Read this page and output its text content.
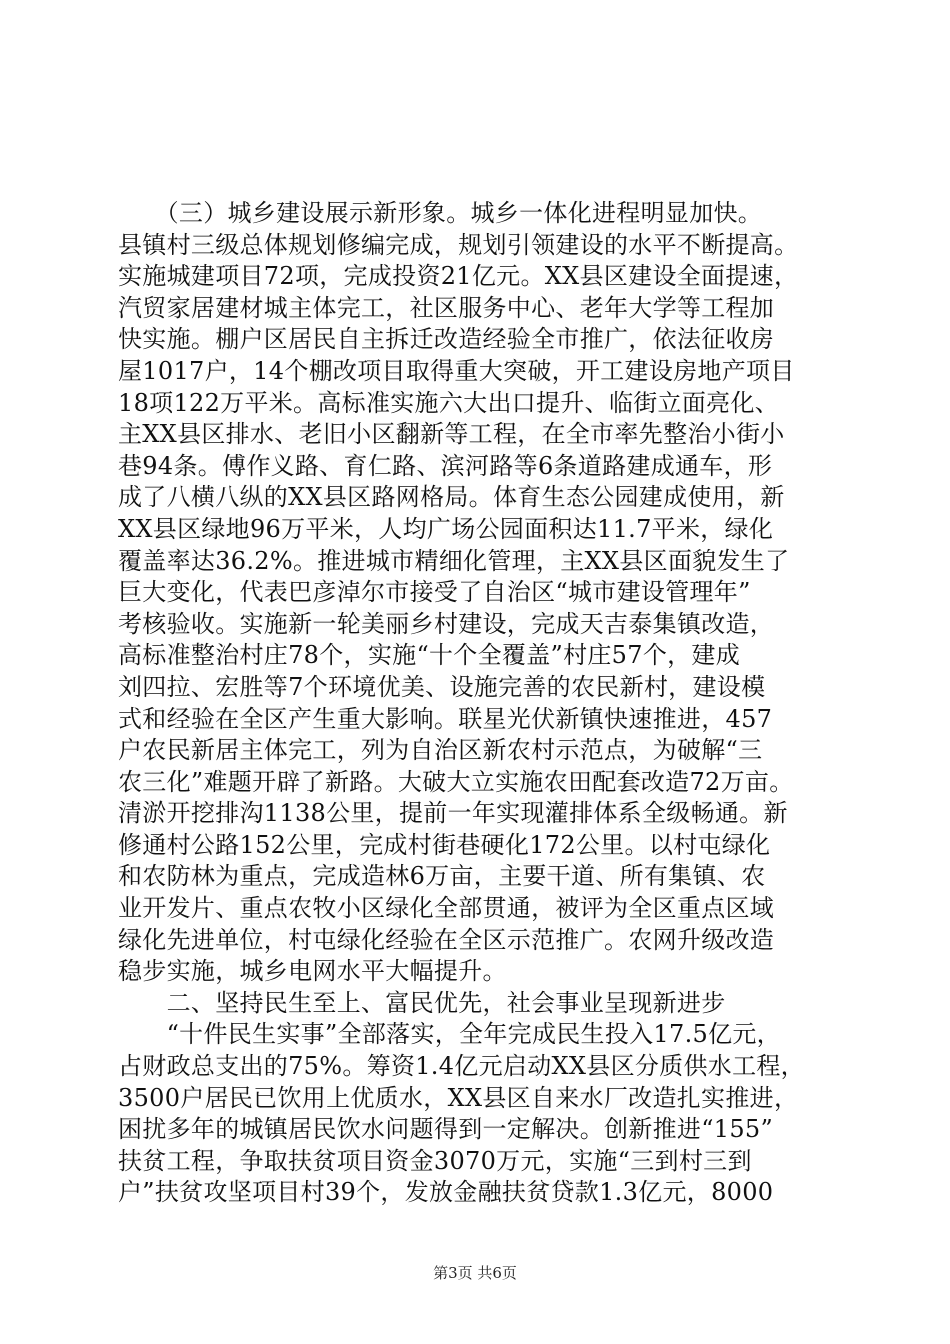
　　（三）城乡建设展示新形象。城乡一体化进程明显加快。
县镇村三级总体规划修编完成，规划引领建设的水平不断提高。
实施城建项目72项，完成投资21亿元。XX县区建设全面提速，
汽贸家居建材城主体完工，社区服务中心、老年大学等工程加
快实施。棚户区居民自主拆迁改造经验全市推广，依法征收房
屋1017户，14个棚改项目取得重大突破，开工建设房地产项目
18项122万平米。高标准实施六大出口提升、临街立面亮化、
主XX县区排水、老旧小区翻新等工程，在全市率先整治小街小
巷94条。傅作义路、育仁路、滨河路等6条道路建成通车，形
成了八横八纵的XX县区路网格局。体育生态公园建成使用，新
XX县区绿地96万平米，人均广场公园面积达11.7平米，绿化
覆盖率达36.2%。推进城市精细化管理，主XX县区面貌发生了
巨大变化，代表巴彦淖尔市接受了自治区“城市建设管理年”
考核验收。实施新一轮美丽乡村建设，完成天吉泰集镇改造，
高标准整治村庄78个，实施“十个全覆盖”村庄57个，建成
刘四拉、宏胜等7个环境优美、设施完善的农民新村，建设模
式和经验在全区产生重大影响。联星光伏新镇快速推进，457
户农民新居主体完工，列为自治区新农村示范点，为破解“三
农三化”难题开辟了新路。大破大立实施农田配套改造72万亩。
清淤开挖排沟1138公里，提前一年实现灌排体系全级畅通。新
修通村公路152公里，完成村街巷硬化172公里。以村屯绿化
和农防林为重点，完成造林6万亩，主要干道、所有集镇、农
业开发片、重点农牧小区绿化全部贯通，被评为全区重点区域
绿化先进单位，村屯绿化经验在全区示范推广。农网升级改造
稳步实施，城乡电网水平大幅提升。
　　二、坚持民生至上、富民优先，社会事业呈现新进步
　　“十件民生实事”全部落实，全年完成民生投入17.5亿元，
占财政总支出的75%。筹资1.4亿元启动XX县区分质供水工程，
3500户居民已饮用上优质水，XX县区自来水厂改造扎实推进，
困扰多年的城镇居民饮水问题得到一定解决。创新推进“155”
扶贫工程，争取扶贫项目资金3070万元，实施“三到村三到
户”扶贫攻坚项目村39个，发放金融扶贫贷款1.3亿元，8000
第3页 共6页
